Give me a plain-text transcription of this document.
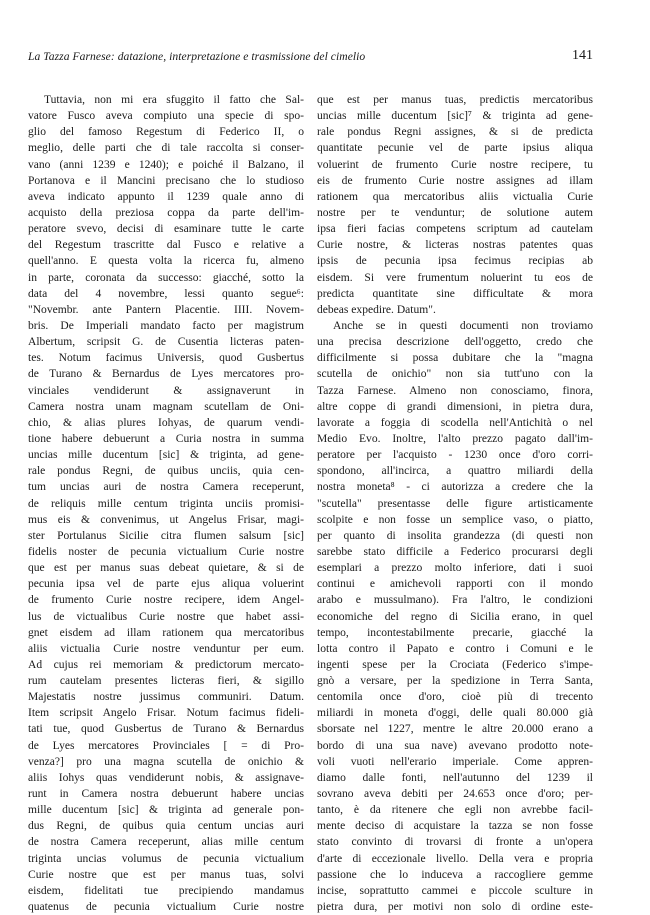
La Tazza Farnese: datazione, interpretazione e trasmissione del cimelio	141
Tuttavia, non mi era sfuggito il fatto che Sal-
vatore Fusco aveva compiuto una specie di spo-
glio del famoso Regestum di Federico II, o
meglio, delle parti che di tale raccolta si conser-
vano (anni 1239 e 1240); e poiché il Balzano, il
Portanova e il Mancini precisano che lo studioso
aveva indicato appunto il 1239 quale anno di
acquisto della preziosa coppa da parte dell'im-
peratore svevo, decisi di esaminare tutte le carte
del Regestum trascritte dal Fusco e relative a
quell'anno. E questa volta la ricerca fu, almeno
in parte, coronata da successo: giacché, sotto la
data del 4 novembre, lessi quanto segue⁶:
"Novembr. ante Pantern Placentie. IIII. Novem-
bris. De Imperiali mandato facto per magistrum
Albertum, scripsit G. de Cusentia licteras paten-
tes. Notum facimus Universis, quod Gusbertus
de Turano & Bernardus de Lyes mercatores pro-
vinciales vendiderunt & assignaverunt in
Camera nostra unam magnam scutellam de Oni-
chio, & alias plures Iohyas, de quarum vendi-
tione habere debuerunt a Curia nostra in summa
uncias mille ducentum [sic] & triginta, ad gene-
rale pondus Regni, de quibus unciis, quia cen-
tum uncias auri de nostra Camera receperunt,
de reliquis mille centum triginta unciis promisi-
mus eis & convenimus, ut Angelus Frisar, magi-
ster Portulanus Sicilie citra flumen salsum [sic]
fidelis noster de pecunia victualium Curie nostre
que est per manus suas debeat quietare, & si de
pecunia ipsa vel de parte ejus aliqua voluerint
de frumento Curie nostre recipere, idem Angel-
lus de victualibus Curie nostre que habet assi-
gnet eisdem ad illam rationem qua mercatoribus
aliis victualia Curie nostre venduntur per eum.
Ad cujus rei memoriam & predictorum mercato-
rum cautelam presentes licteras fieri, & sigillo
Majestatis nostre jussimus communiri. Datum.
Item scripsit Angelo Frisar. Notum facimus fideli-
tati tue, quod Gusbertus de Turano & Bernardus
de Lyes mercatores Provinciales [ = di Pro-
venza?] pro una magna scutella de onichio &
aliis Iohys quas vendiderunt nobis, & assignave-
runt in Camera nostra debuerunt habere uncias
mille ducentum [sic] & triginta ad generale pon-
dus Regni, de quibus quia centum uncias auri
de nostra Camera receperunt, alias mille centum
triginta uncias volumus de pecunia victualium
Curie nostre que est per manus tuas, solvi
eisdem, fidelitati tue precipiendo mandamus
quatenus de pecunia victualium Curie nostre
que est per manus tuas, predictis mercatoribus
uncias mille ducentum [sic]⁷ & triginta ad gene-
rale pondus Regni assignes, & si de predicta
quantitate pecunie vel de parte ipsius aliqua
voluerint de frumento Curie nostre recipere, tu
eis de frumento Curie nostre assignes ad illam
rationem qua mercatoribus aliis victualia Curie
nostre per te venduntur; de solutione autem
ipsa fieri facias competens scriptum ad cautelam
Curie nostre, & licteras nostras patentes quas
ipsis de pecunia ipsa fecimus recipias ab
eisdem. Si vere frumentum noluerint tu eos de
predicta quantitate sine difficultate & mora
debeas expedire. Datum".
Anche se in questi documenti non troviamo
una precisa descrizione dell'oggetto, credo che
difficilmente si possa dubitare che la "magna
scutella de onichio" non sia tutt'uno con la
Tazza Farnese. Almeno non conosciamo, finora,
altre coppe di grandi dimensioni, in pietra dura,
lavorate a foggia di scodella nell'Antichità o nel
Medio Evo. Inoltre, l'alto prezzo pagato dall'im-
peratore per l'acquisto - 1230 once d'oro corri-
spondono, all'incirca, a quattro miliardi della
nostra moneta⁸ - ci autorizza a credere che la
"scutella" presentasse delle figure artisticamente
scolpite e non fosse un semplice vaso, o piatto,
per quanto di insolita grandezza (di questi non
sarebbe stato difficile a Federico procurarsi degli
esemplari a prezzo molto inferiore, dati i suoi
continui e amichevoli rapporti con il mondo
arabo e mussulmano). Fra l'altro, le condizioni
economiche del regno di Sicilia erano, in quel
tempo, incontestabilmente precarie, giacché la
lotta contro il Papato e contro i Comuni e le
ingenti spese per la Crociata (Federico s'impe-
gnò a versare, per la spedizione in Terra Santa,
centomila once d'oro, cioè più di trecento
miliardi in moneta d'oggi, delle quali 80.000 già
sborsate nel 1227, mentre le altre 20.000 erano a
bordo di una sua nave) avevano prodotto note-
voli vuoti nell'erario imperiale. Come appren-
diamo dalle fonti, nell'autunno del 1239 il
sovrano aveva debiti per 24.653 once d'oro; per-
tanto, è da ritenere che egli non avrebbe facil-
mente deciso di acquistare la tazza se non fosse
stato convinto di trovarsi di fronte a un'opera
d'arte di eccezionale livello. Della vera e propria
passione che lo induceva a raccogliere gemme
incise, soprattutto cammei e piccole sculture in
pietra dura, per motivi non solo di ordine este-
